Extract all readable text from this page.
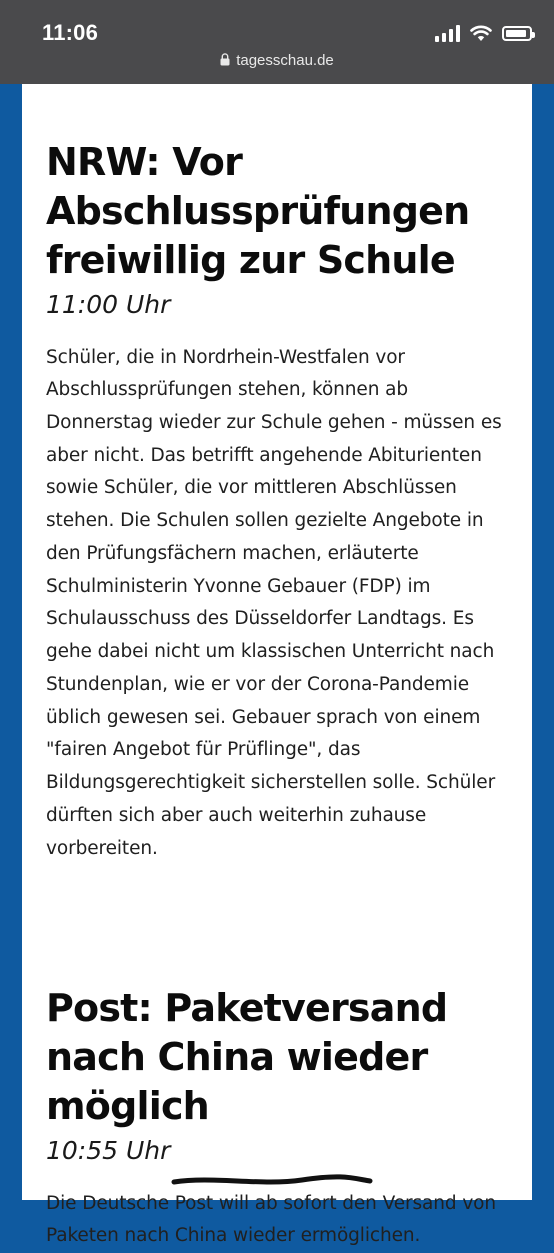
11:06
tagesschau.de
NRW: Vor Abschlussprüfungen freiwillig zur Schule
11:00 Uhr

Schüler, die in Nordrhein-Westfalen vor Abschlussprüfungen stehen, können ab Donnerstag wieder zur Schule gehen - müssen es aber nicht. Das betrifft angehende Abiturienten sowie Schüler, die vor mittleren Abschlüssen stehen. Die Schulen sollen gezielte Angebote in den Prüfungsfächern machen, erläuterte Schulministerin Yvonne Gebauer (FDP) im Schulausschuss des Düsseldorfer Landtags. Es gehe dabei nicht um klassischen Unterricht nach Stundenplan, wie er vor der Corona-Pandemie üblich gewesen sei. Gebauer sprach von einem "fairen Angebot für Prüflinge", das Bildungsgerechtigkeit sicherstellen solle. Schüler dürften sich aber auch weiterhin zuhause vorbereiten.

Post: Paketversand nach China wieder möglich
10:55 Uhr

Die Deutsche Post will ab sofort den Versand von Paketen nach China wieder ermöglichen.
